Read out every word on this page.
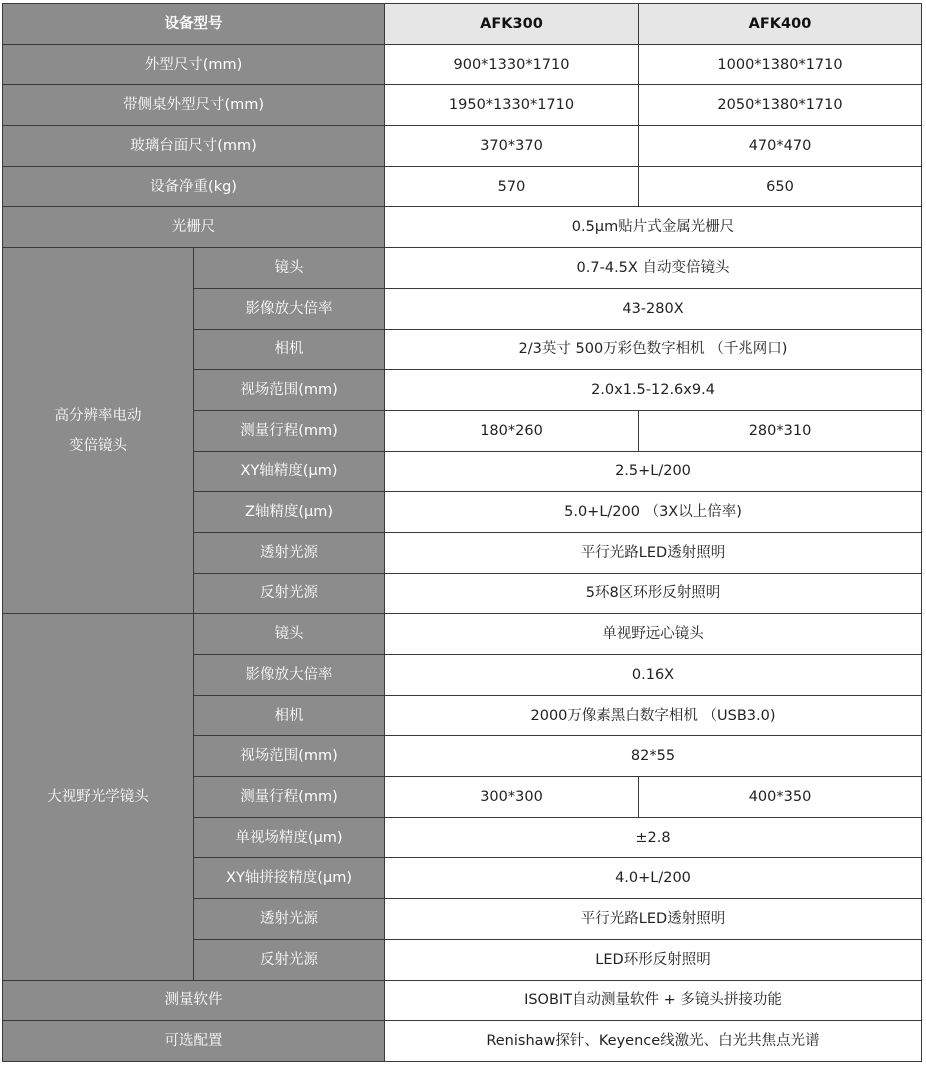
设备型号		AFK300	AFK400
外型尺寸(mm)		900*1330*1710	1000*1380*1710
带侧桌外型尺寸(mm)		1950*1330*1710	2050*1380*1710
玻璃台面尺寸(mm)		370*370	470*470
设备净重(kg)		570	650
光栅尺		0.5μm贴片式金属光栅尺	

高分辨率电动
变倍镜头	镜头	0.7-4.5X 自动变倍镜头	
	影像放大倍率	43-280X	
	相机	2/3英寸 500万彩色数字相机 （千兆网口)	
	视场范围(mm)	2.0x1.5-12.6x9.4	
	测量行程(mm)	180*260	280*310
	XY轴精度(μm)	2.5+L/200	
	Z轴精度(μm)	5.0+L/200 （3X以上倍率)	
	透射光源	平行光路LED透射照明	
	反射光源	5环8区环形反射照明	
大视野光学镜头	镜头	单视野远心镜头	
	影像放大倍率	0.16X	
	相机	2000万像素黑白数字相机 （USB3.0)	
	视场范围(mm)	82*55	
	测量行程(mm)	300*300	400*350
	单视场精度(μm)	±2.8	
	XY轴拼接精度(μm)	4.0+L/200	
	透射光源	平行光路LED透射照明	
	反射光源	LED环形反射照明	
测量软件		ISOBIT自动测量软件 + 多镜头拼接功能	
可选配置		Renishaw探针、Keyence线激光、白光共焦点光谱	
